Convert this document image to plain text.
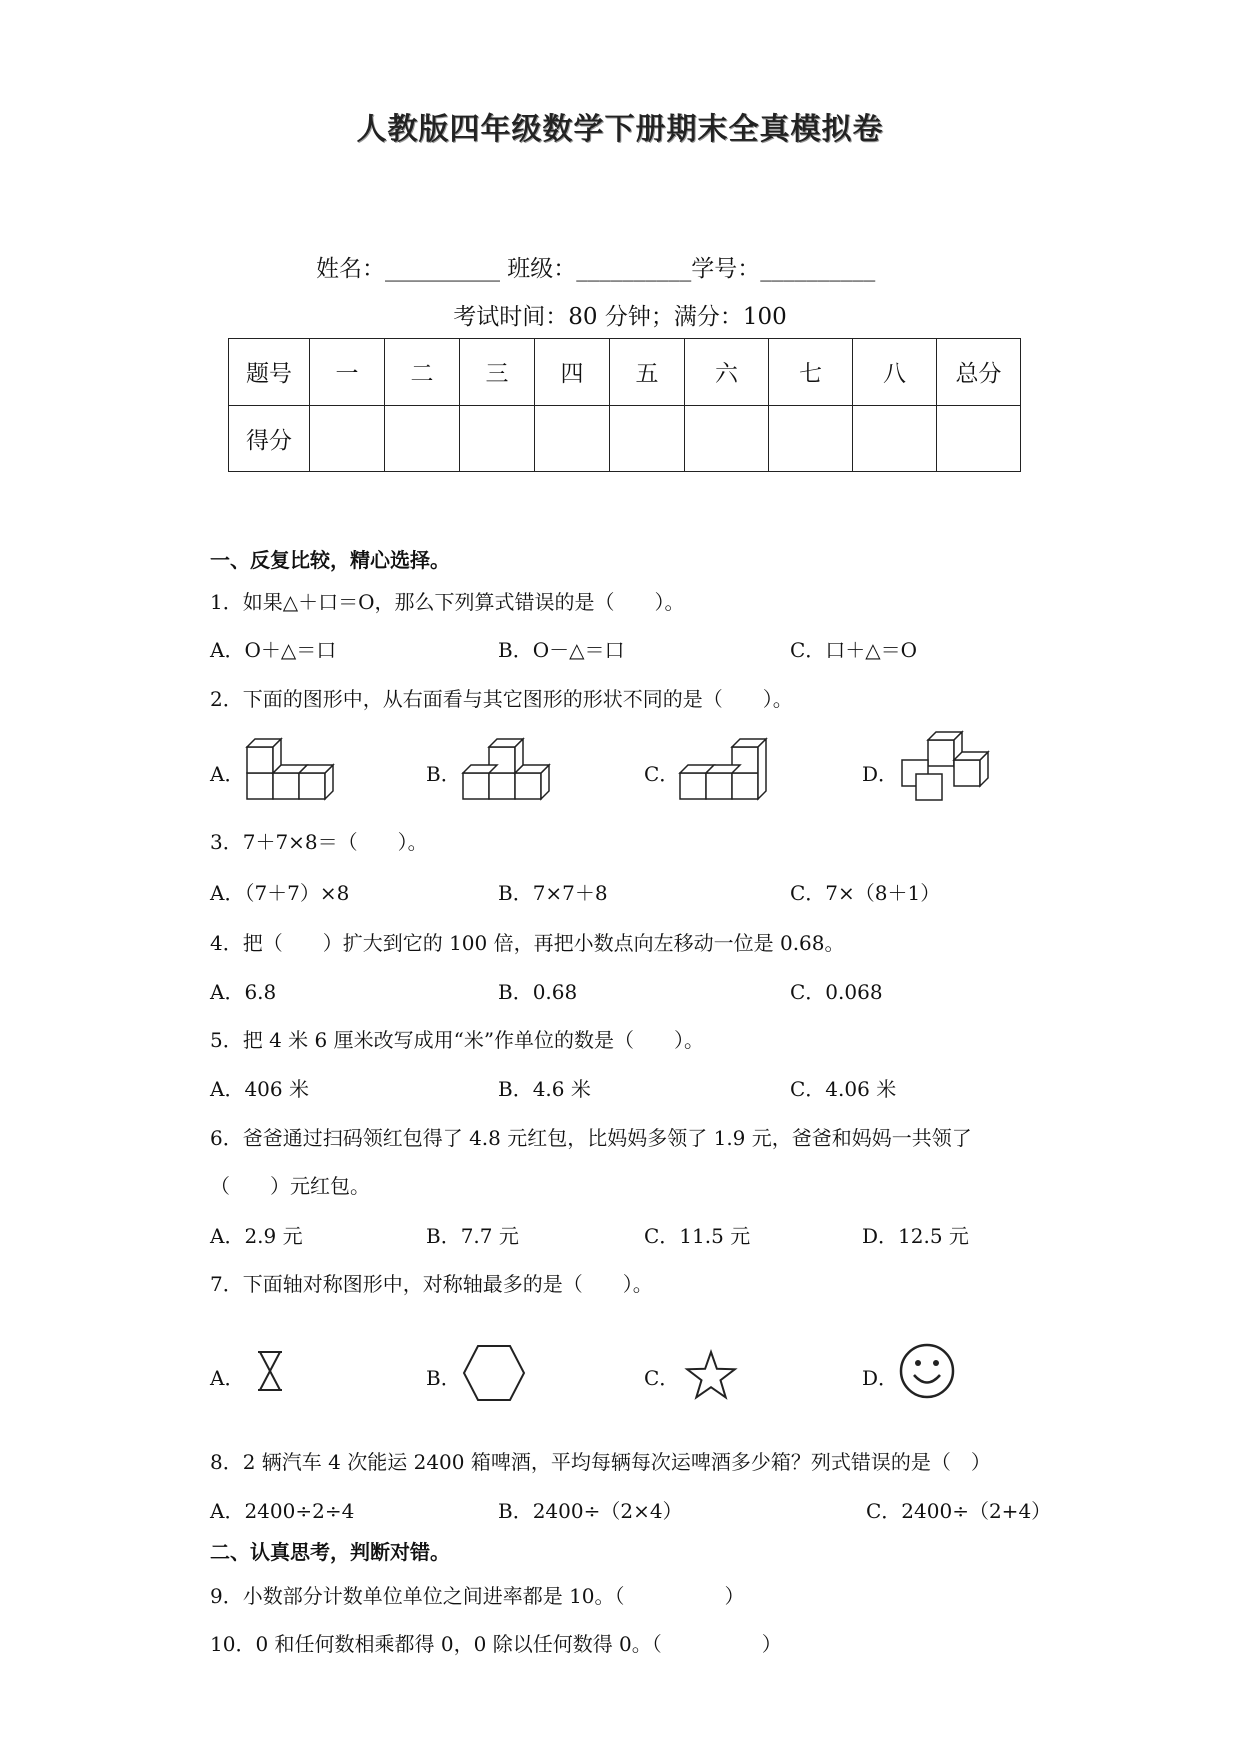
人教版四年级数学下册期末全真模拟卷
姓名：__________ 班级：__________学号：__________
考试时间：80 分钟；满分：100
题号	一	二	三	四	五	六	七	八	总分
得分									
一、反复比较，精心选择。
1．如果△＋口＝O，那么下列算式错误的是（　　）。
A．O＋△＝口	B．O－△＝口	C．口＋△＝O
2．下面的图形中，从右面看与其它图形的形状不同的是（　　）。
A．	B．	C．	D．
3．7＋7×8＝（　　）。
A．（7＋7）×8	B．7×7＋8	C．7×（8＋1）
4．把（　　）扩大到它的 100 倍，再把小数点向左移动一位是 0.68。
A．6.8	B．0.68	C．0.068
5．把 4 米 6 厘米改写成用“米”作单位的数是（　　）。
A．406 米	B．4.6 米	C．4.06 米
6．爸爸通过扫码领红包得了 4.8 元红包，比妈妈多领了 1.9 元，爸爸和妈妈一共领了
（　　）元红包。
A．2.9 元	B．7.7 元	C．11.5 元	D．12.5 元
7．下面轴对称图形中，对称轴最多的是（　　）。
A．	B．	C．	D．
8．2 辆汽车 4 次能运 2400 箱啤酒，平均每辆每次运啤酒多少箱？列式错误的是（　）
A．2400÷2÷4	B．2400÷（2×4）	C．2400÷（2+4）
二、认真思考，判断对错。
9．小数部分计数单位单位之间进率都是 10。（　　　　　）
10．0 和任何数相乘都得 0，0 除以任何数得 0。（　　　　　）
